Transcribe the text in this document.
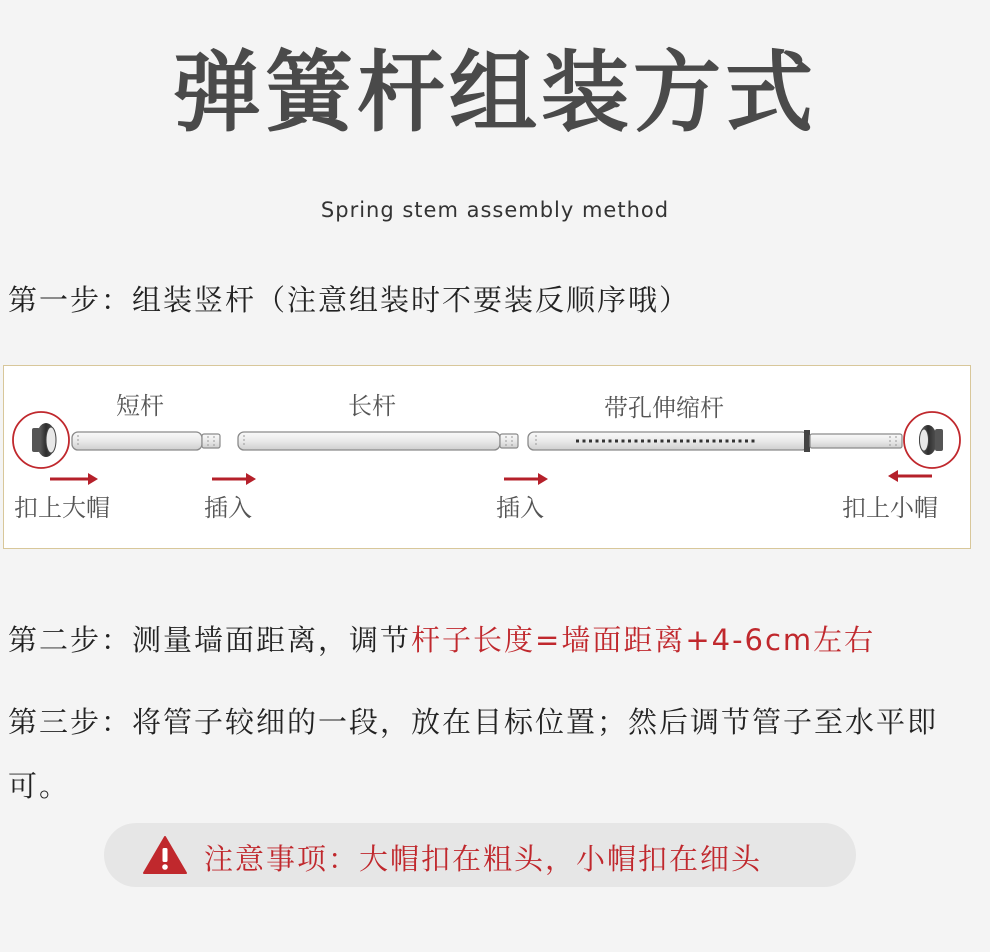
弹簧杆组装方式
Spring stem assembly method
第一步：组装竖杆（注意组装时不要装反顺序哦）
短杆	长杆	带孔伸缩杆
扣上大帽	插入	插入	扣上小帽
第二步：测量墙面距离，调节杆子长度=墙面距离+4-6cm左右
第三步：将管子较细的一段，放在目标位置；然后调节管子至水平即可。
注意事项：大帽扣在粗头，小帽扣在细头
